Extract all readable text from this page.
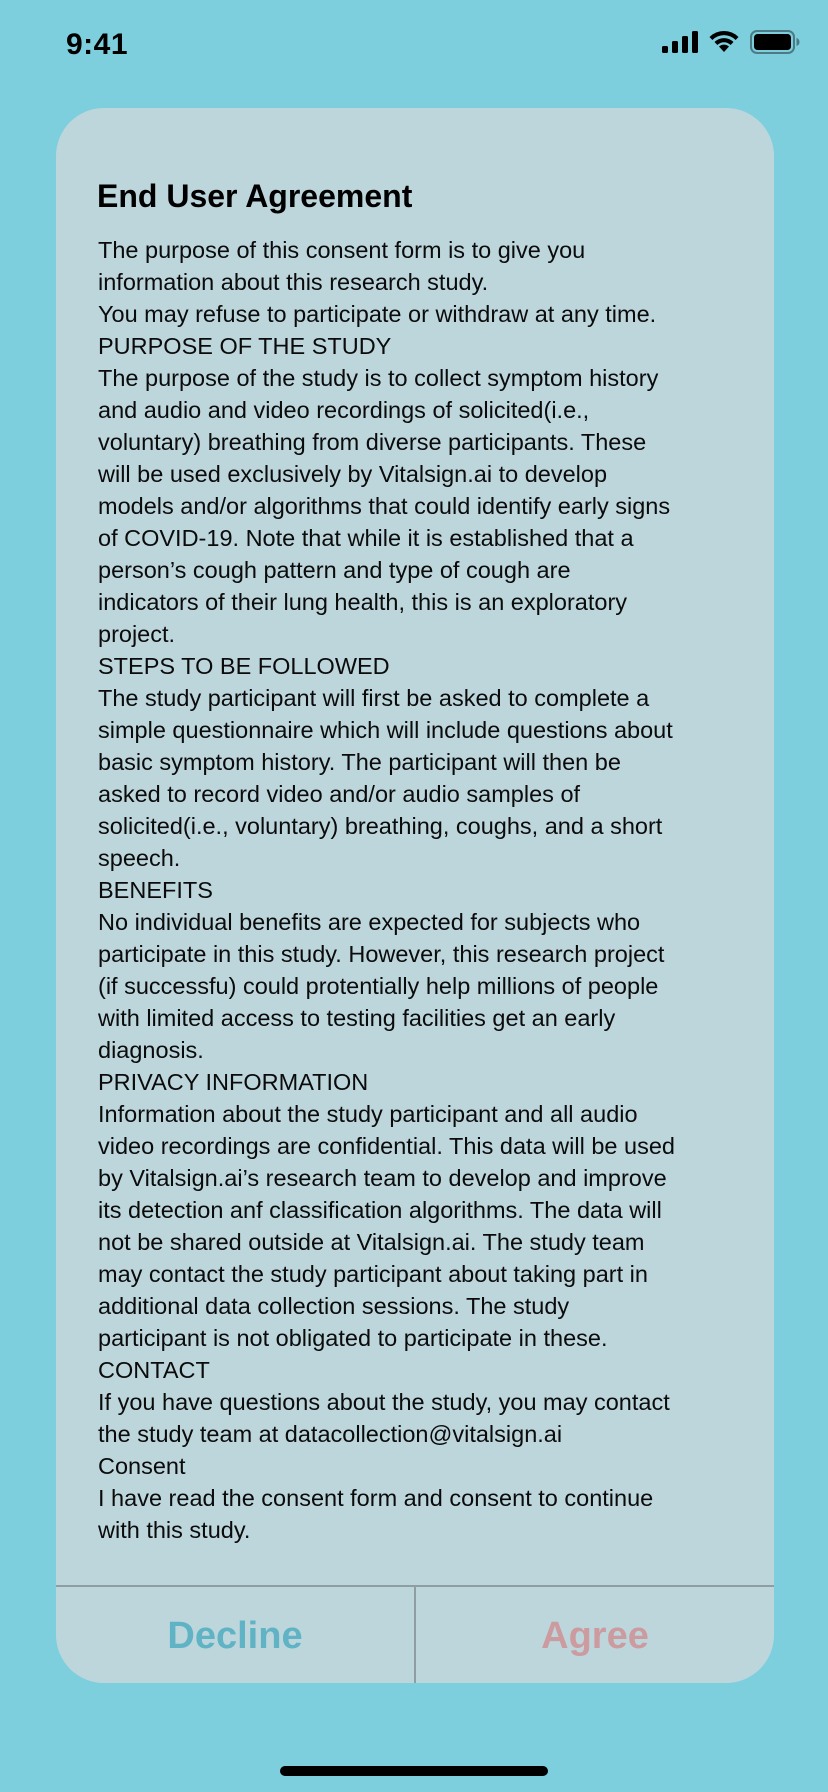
9:41
End User Agreement
The purpose of this consent form is to give you
information about this research study.
You may refuse to participate or withdraw at any time.
PURPOSE OF THE STUDY
The purpose of the study is to collect symptom history
and audio and video recordings of solicited(i.e.,
voluntary) breathing from diverse participants. These
will be used exclusively by Vitalsign.ai to develop
models and/or algorithms that could identify early signs
of COVID-19. Note that while it is established that a
person’s cough pattern and type of cough are
indicators of their lung health, this is an exploratory
project.
STEPS TO BE FOLLOWED
The study participant will first be asked to complete a
simple questionnaire which will include questions about
basic symptom history. The participant will then be
asked to record video and/or audio samples of
solicited(i.e., voluntary) breathing, coughs, and a short
speech.
BENEFITS
No individual benefits are expected for subjects who
participate in this study. However, this research project
(if successfu) could protentially help millions of people
with limited access to testing facilities get an early
diagnosis.
PRIVACY INFORMATION
Information about the study participant and all audio
video recordings are confidential. This data will be used
by Vitalsign.ai’s research team to develop and improve
its detection anf classification algorithms. The data will
not be shared outside at Vitalsign.ai. The study team
may contact the study participant about taking part in
additional data collection sessions. The study
participant is not obligated to participate in these.
CONTACT
If you have questions about the study, you may contact
the study team at datacollection@vitalsign.ai
Consent
I have read the consent form and consent to continue
with this study.
Decline	Agree
